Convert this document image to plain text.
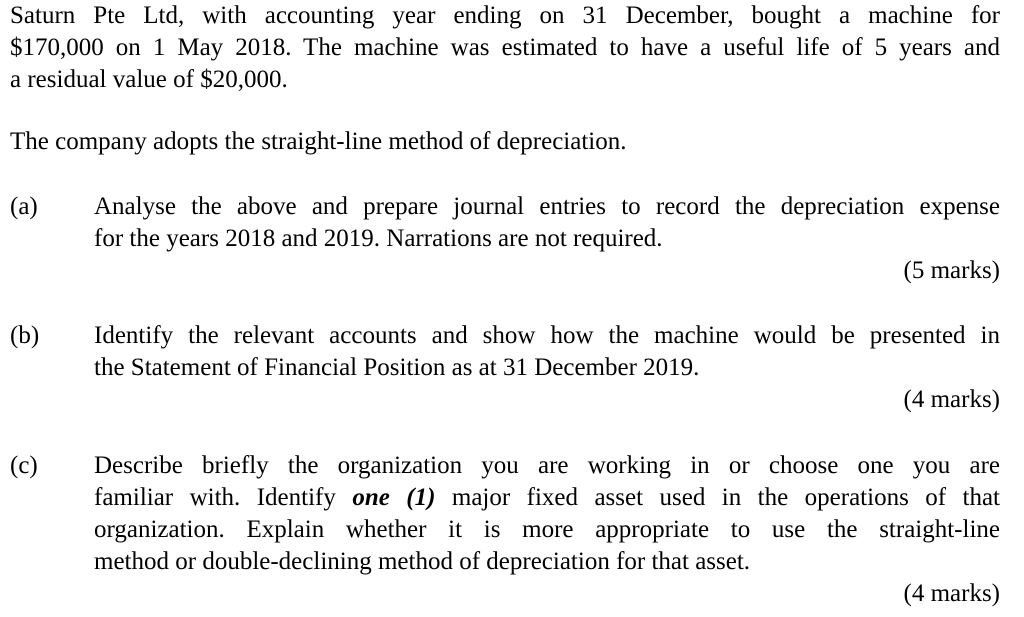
Saturn Pte Ltd, with accounting year ending on 31 December, bought a machine for
$170,000 on 1 May 2018. The machine was estimated to have a useful life of 5 years and
a residual value of $20,000.

The company adopts the straight-line method of depreciation.

(a) Analyse the above and prepare journal entries to record the depreciation expense
for the years 2018 and 2019. Narrations are not required.
(5 marks)
(b) Identify the relevant accounts and show how the machine would be presented in
the Statement of Financial Position as at 31 December 2019.
(4 marks)
(c) Describe briefly the organization you are working in or choose one you are
familiar with. Identify one (1) major fixed asset used in the operations of that
organization. Explain whether it is more appropriate to use the straight-line
method or double-declining method of depreciation for that asset.
(4 marks)
